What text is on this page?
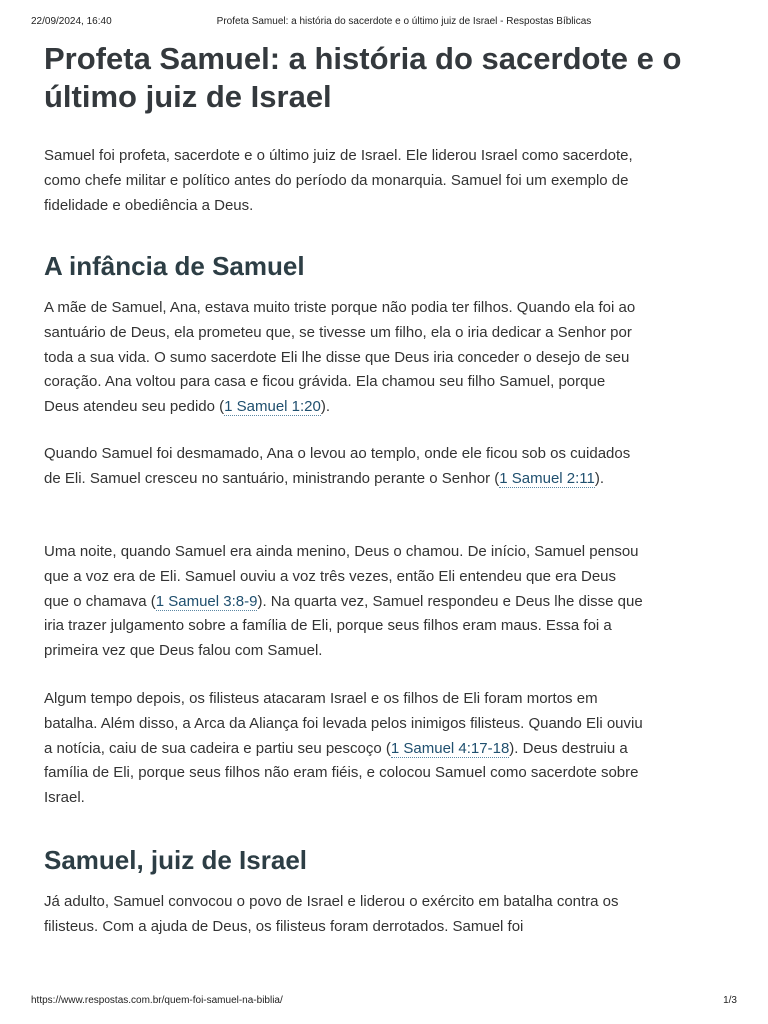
22/09/2024, 16:40	Profeta Samuel: a história do sacerdote e o último juiz de Israel - Respostas Bíblicas
Profeta Samuel: a história do sacerdote e o último juiz de Israel

Samuel foi profeta, sacerdote e o último juiz de Israel. Ele liderou Israel como sacerdote, como chefe militar e político antes do período da monarquia. Samuel foi um exemplo de fidelidade e obediência a Deus.

A infância de Samuel

A mãe de Samuel, Ana, estava muito triste porque não podia ter filhos. Quando ela foi ao santuário de Deus, ela prometeu que, se tivesse um filho, ela o iria dedicar a Senhor por toda a sua vida. O sumo sacerdote Eli lhe disse que Deus iria conceder o desejo de seu coração. Ana voltou para casa e ficou grávida. Ela chamou seu filho Samuel, porque Deus atendeu seu pedido (1 Samuel 1:20).

Quando Samuel foi desmamado, Ana o levou ao templo, onde ele ficou sob os cuidados de Eli. Samuel cresceu no santuário, ministrando perante o Senhor (1 Samuel 2:11).

Uma noite, quando Samuel era ainda menino, Deus o chamou. De início, Samuel pensou que a voz era de Eli. Samuel ouviu a voz três vezes, então Eli entendeu que era Deus que o chamava (1 Samuel 3:8-9). Na quarta vez, Samuel respondeu e Deus lhe disse que iria trazer julgamento sobre a família de Eli, porque seus filhos eram maus. Essa foi a primeira vez que Deus falou com Samuel.

Algum tempo depois, os filisteus atacaram Israel e os filhos de Eli foram mortos em batalha. Além disso, a Arca da Aliança foi levada pelos inimigos filisteus. Quando Eli ouviu a notícia, caiu de sua cadeira e partiu seu pescoço (1 Samuel 4:17-18). Deus destruiu a família de Eli, porque seus filhos não eram fiéis, e colocou Samuel como sacerdote sobre Israel.

Samuel, juiz de Israel

Já adulto, Samuel convocou o povo de Israel e liderou o exército em batalha contra os filisteus. Com a ajuda de Deus, os filisteus foram derrotados. Samuel foi

https://www.respostas.com.br/quem-foi-samuel-na-biblia/	1/3
